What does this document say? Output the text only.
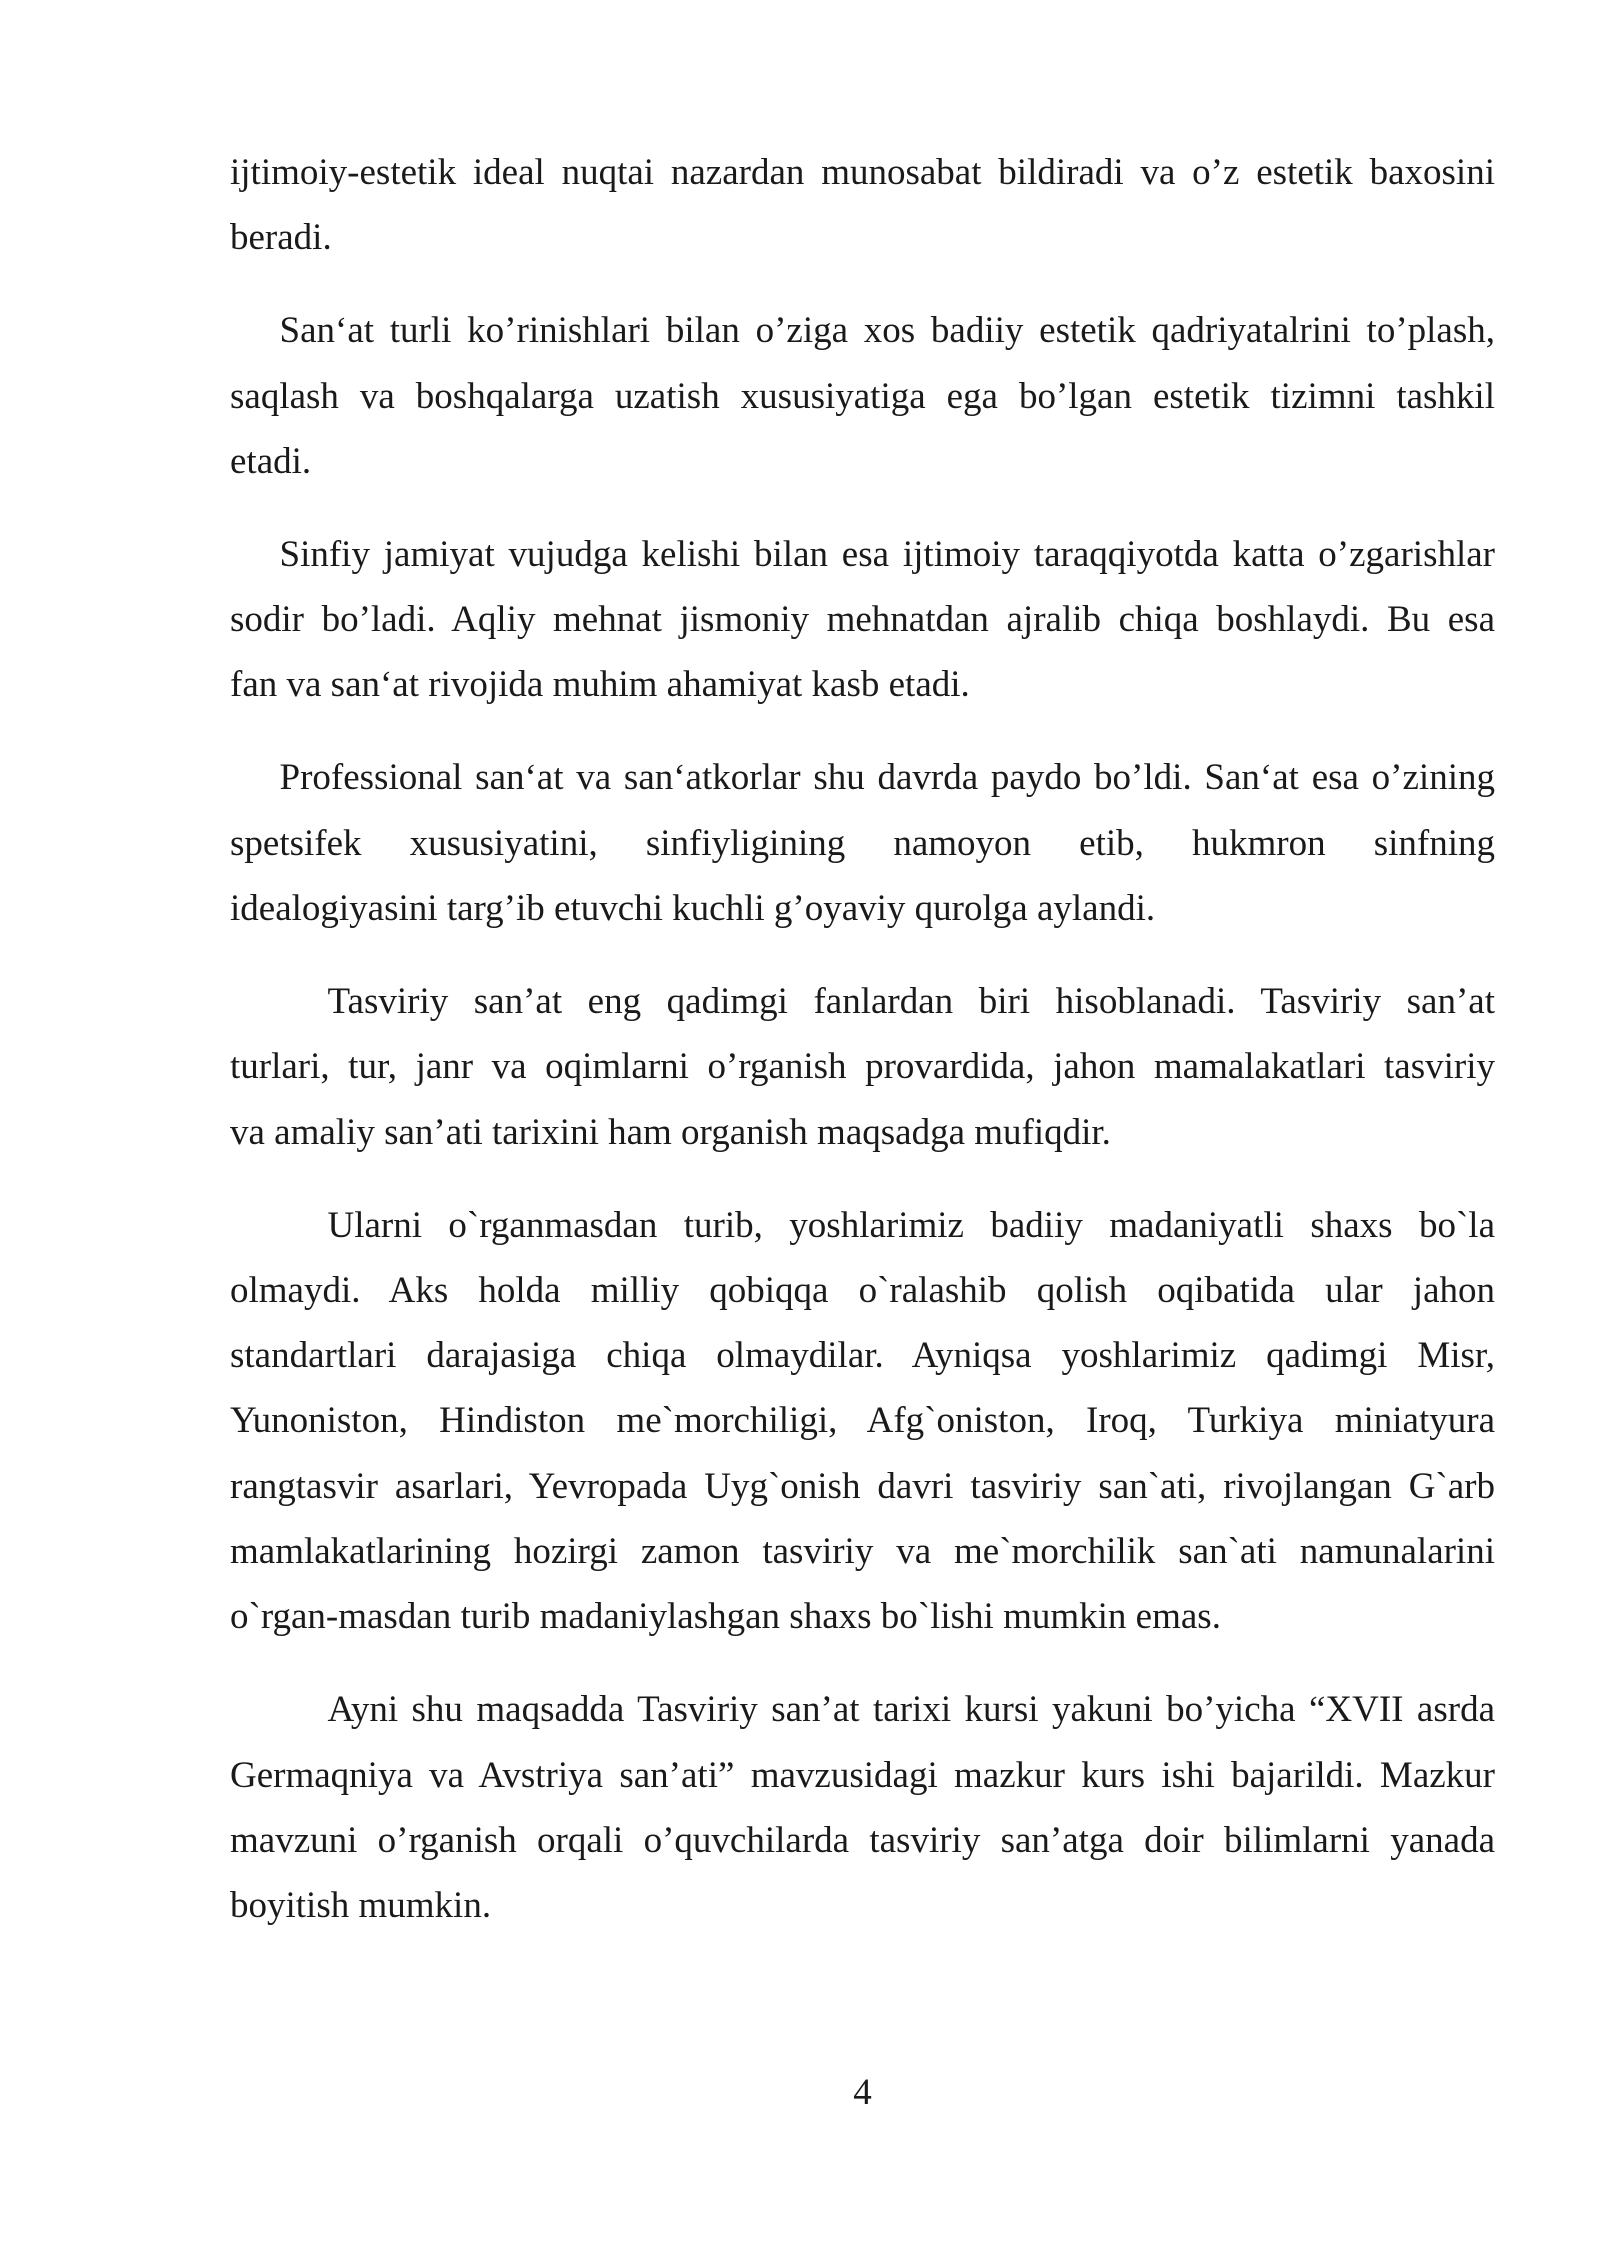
ijtimoiy-estetik ideal nuqtai nazardan munosabat bildiradi va o’z estetik baxosini
beradi.
San‘at turli ko’rinishlari bilan o’ziga xos badiiy estetik qadriyatalrini to’plash,
saqlash va boshqalarga uzatish xususiyatiga ega bo’lgan estetik tizimni tashkil
etadi.
Sinfiy jamiyat vujudga kelishi bilan esa ijtimoiy taraqqiyotda katta o’zgarishlar
sodir bo’ladi. Aqliy mehnat jismoniy mehnatdan ajralib chiqa boshlaydi. Bu esa
fan va san‘at rivojida muhim ahamiyat kasb etadi.
Professional san‘at va san‘atkorlar shu davrda paydo bo’ldi. San‘at esa o’zining
spetsifek xususiyatini, sinfiyligining namoyon etib, hukmron sinfning
idealogiyasini targ’ib etuvchi kuchli g’oyaviy qurolga aylandi.
Tasviriy san’at eng qadimgi fanlardan biri hisoblanadi. Tasviriy san’at
turlari, tur, janr va oqimlarni o’rganish provardida, jahon mamalakatlari tasviriy
va amaliy san’ati tarixini ham organish maqsadga mufiqdir.
Ularni o`rganmasdan turib, yoshlarimiz badiiy madaniyatli shaxs bo`la
olmaydi. Aks holda milliy qobiqqa o`ralashib qolish oqibatida ular jahon
standartlari darajasiga chiqa olmaydilar. Ayniqsa yoshlarimiz qadimgi Misr,
Yunoniston, Hindiston me`morchiligi, Afg`oniston, Iroq, Turkiya miniatyura
rangtasvir asarlari, Yevropada Uyg`onish davri tasviriy san`ati, rivojlangan G`arb
mamlakatlarining hozirgi zamon tasviriy va me`morchilik san`ati namunalarini
o`rgan-masdan turib madaniylashgan shaxs bo`lishi mumkin emas.
Ayni shu maqsadda Tasviriy san’at tarixi kursi yakuni bo’yicha “XVII asrda
Germaqniya va Avstriya san’ati” mavzusidagi mazkur kurs ishi bajarildi. Mazkur
mavzuni o’rganish orqali o’quvchilarda tasviriy san’atga doir bilimlarni yanada
boyitish mumkin.
4
